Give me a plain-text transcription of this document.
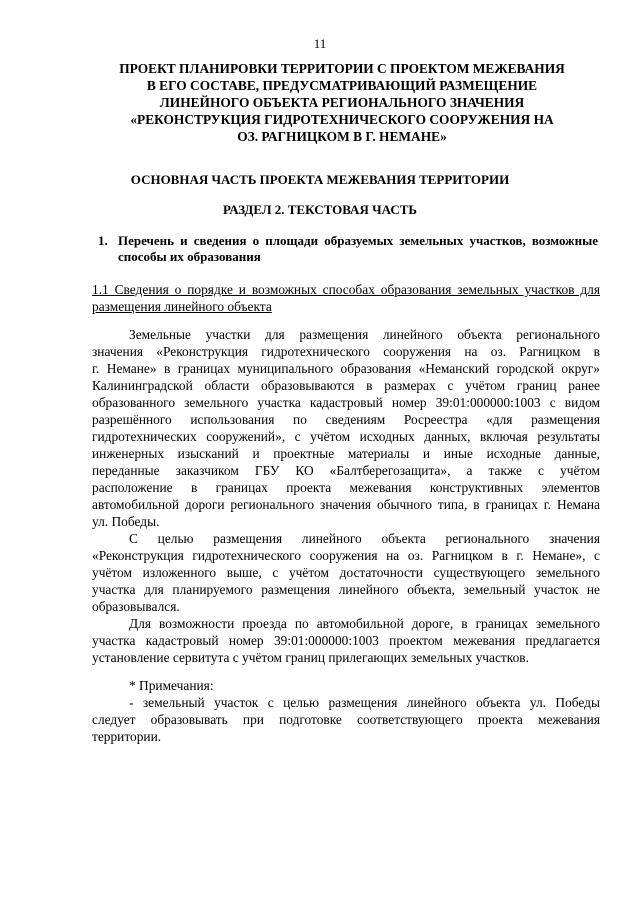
11
ПРОЕКТ ПЛАНИРОВКИ ТЕРРИТОРИИ С ПРОЕКТОМ МЕЖЕВАНИЯ
В ЕГО СОСТАВЕ, ПРЕДУСМАТРИВАЮЩИЙ РАЗМЕЩЕНИЕ
ЛИНЕЙНОГО ОБЪЕКТА РЕГИОНАЛЬНОГО ЗНАЧЕНИЯ
«РЕКОНСТРУКЦИЯ ГИДРОТЕХНИЧЕСКОГО СООРУЖЕНИЯ НА
ОЗ. РАГНИЦКОМ В Г. НЕМАНЕ»
ОСНОВНАЯ ЧАСТЬ ПРОЕКТА МЕЖЕВАНИЯ ТЕРРИТОРИИ
РАЗДЕЛ 2. ТЕКСТОВАЯ ЧАСТЬ
1. Перечень и сведения о площади образуемых земельных участков, возможные
способы их образования
1.1 Сведения о порядке и возможных способах образования земельных участков для
размещения линейного объекта
Земельные участки для размещения линейного объекта регионального
значения «Реконструкция гидротехнического сооружения на оз. Рагницком в
г. Немане» в границах муниципального образования «Неманский городской округ»
Калининградской области образовываются в размерах с учётом границ ранее
образованного земельного участка кадастровый номер 39:01:000000:1003 с видом
разрешённого использования по сведениям Росреестра «для размещения
гидротехнических сооружений», с учётом исходных данных, включая результаты
инженерных изысканий и проектные материалы и иные исходные данные,
переданные заказчиком ГБУ КО «Балтберегозащита», а также с учётом
расположение в границах проекта межевания конструктивных элементов
автомобильной дороги регионального значения обычного типа, в границах г. Немана
ул. Победы.
С целью размещения линейного объекта регионального значения
«Реконструкция гидротехнического сооружения на оз. Рагницком в г. Немане», с
учётом изложенного выше, с учётом достаточности существующего земельного
участка для планируемого размещения линейного объекта, земельный участок не
образовывался.
Для возможности проезда по автомобильной дороге, в границах земельного
участка кадастровый номер 39:01:000000:1003 проектом межевания предлагается
установление сервитута с учётом границ прилегающих земельных участков.
* Примечания:
- земельный участок с целью размещения линейного объекта ул. Победы
следует образовывать при подготовке соответствующего проекта межевания
территории.
